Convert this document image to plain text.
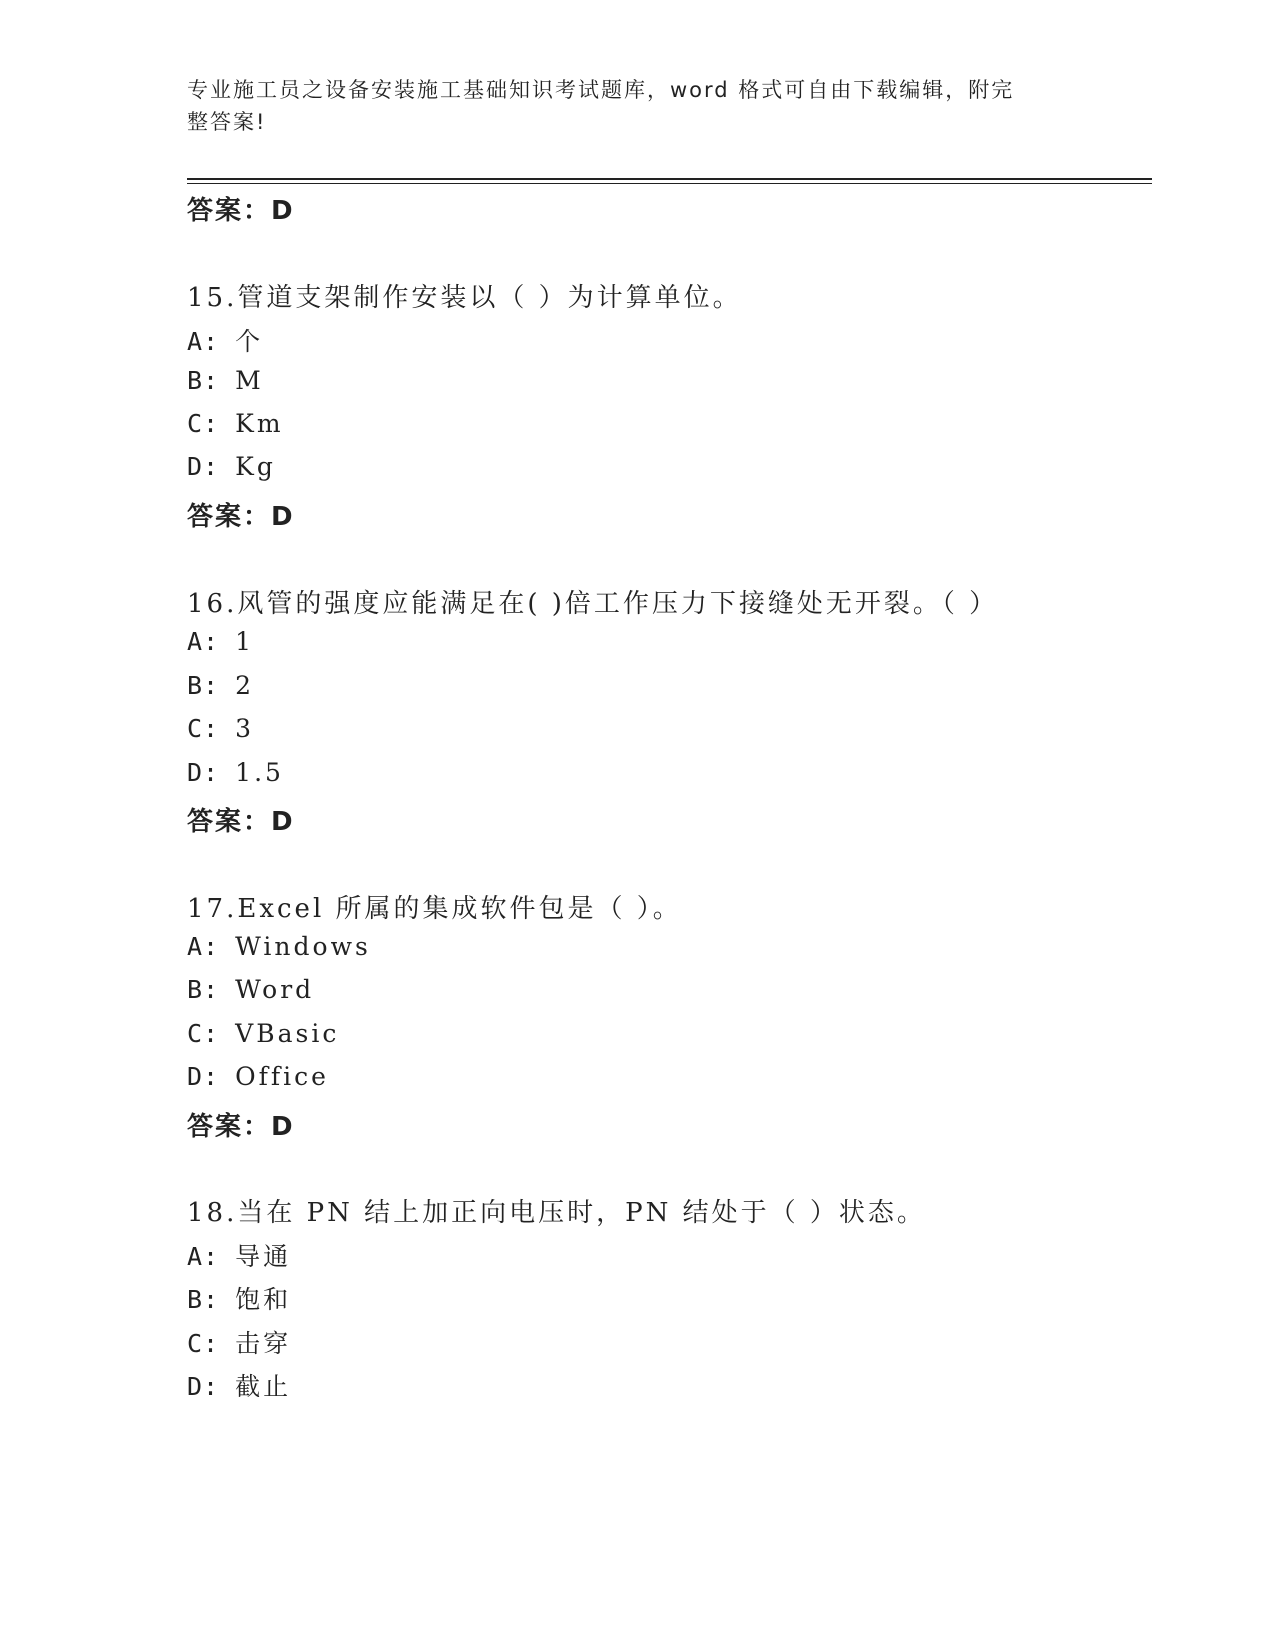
专业施工员之设备安装施工基础知识考试题库，word 格式可自由下载编辑，附完
整答案!
答案：D
15.管道支架制作安装以（ ）为计算单位。
A: 个
B: M
C: Km
D: Kg
答案：D
16.风管的强度应能满足在( )倍工作压力下接缝处无开裂。（ ）
A: 1
B: 2
C: 3
D: 1.5
答案：D
17.Excel 所属的集成软件包是（ ）。
A: Windows
B: Word
C: VBasic
D: Office
答案：D
18.当在 PN 结上加正向电压时，PN 结处于（ ）状态。
A: 导通
B: 饱和
C: 击穿
D: 截止
